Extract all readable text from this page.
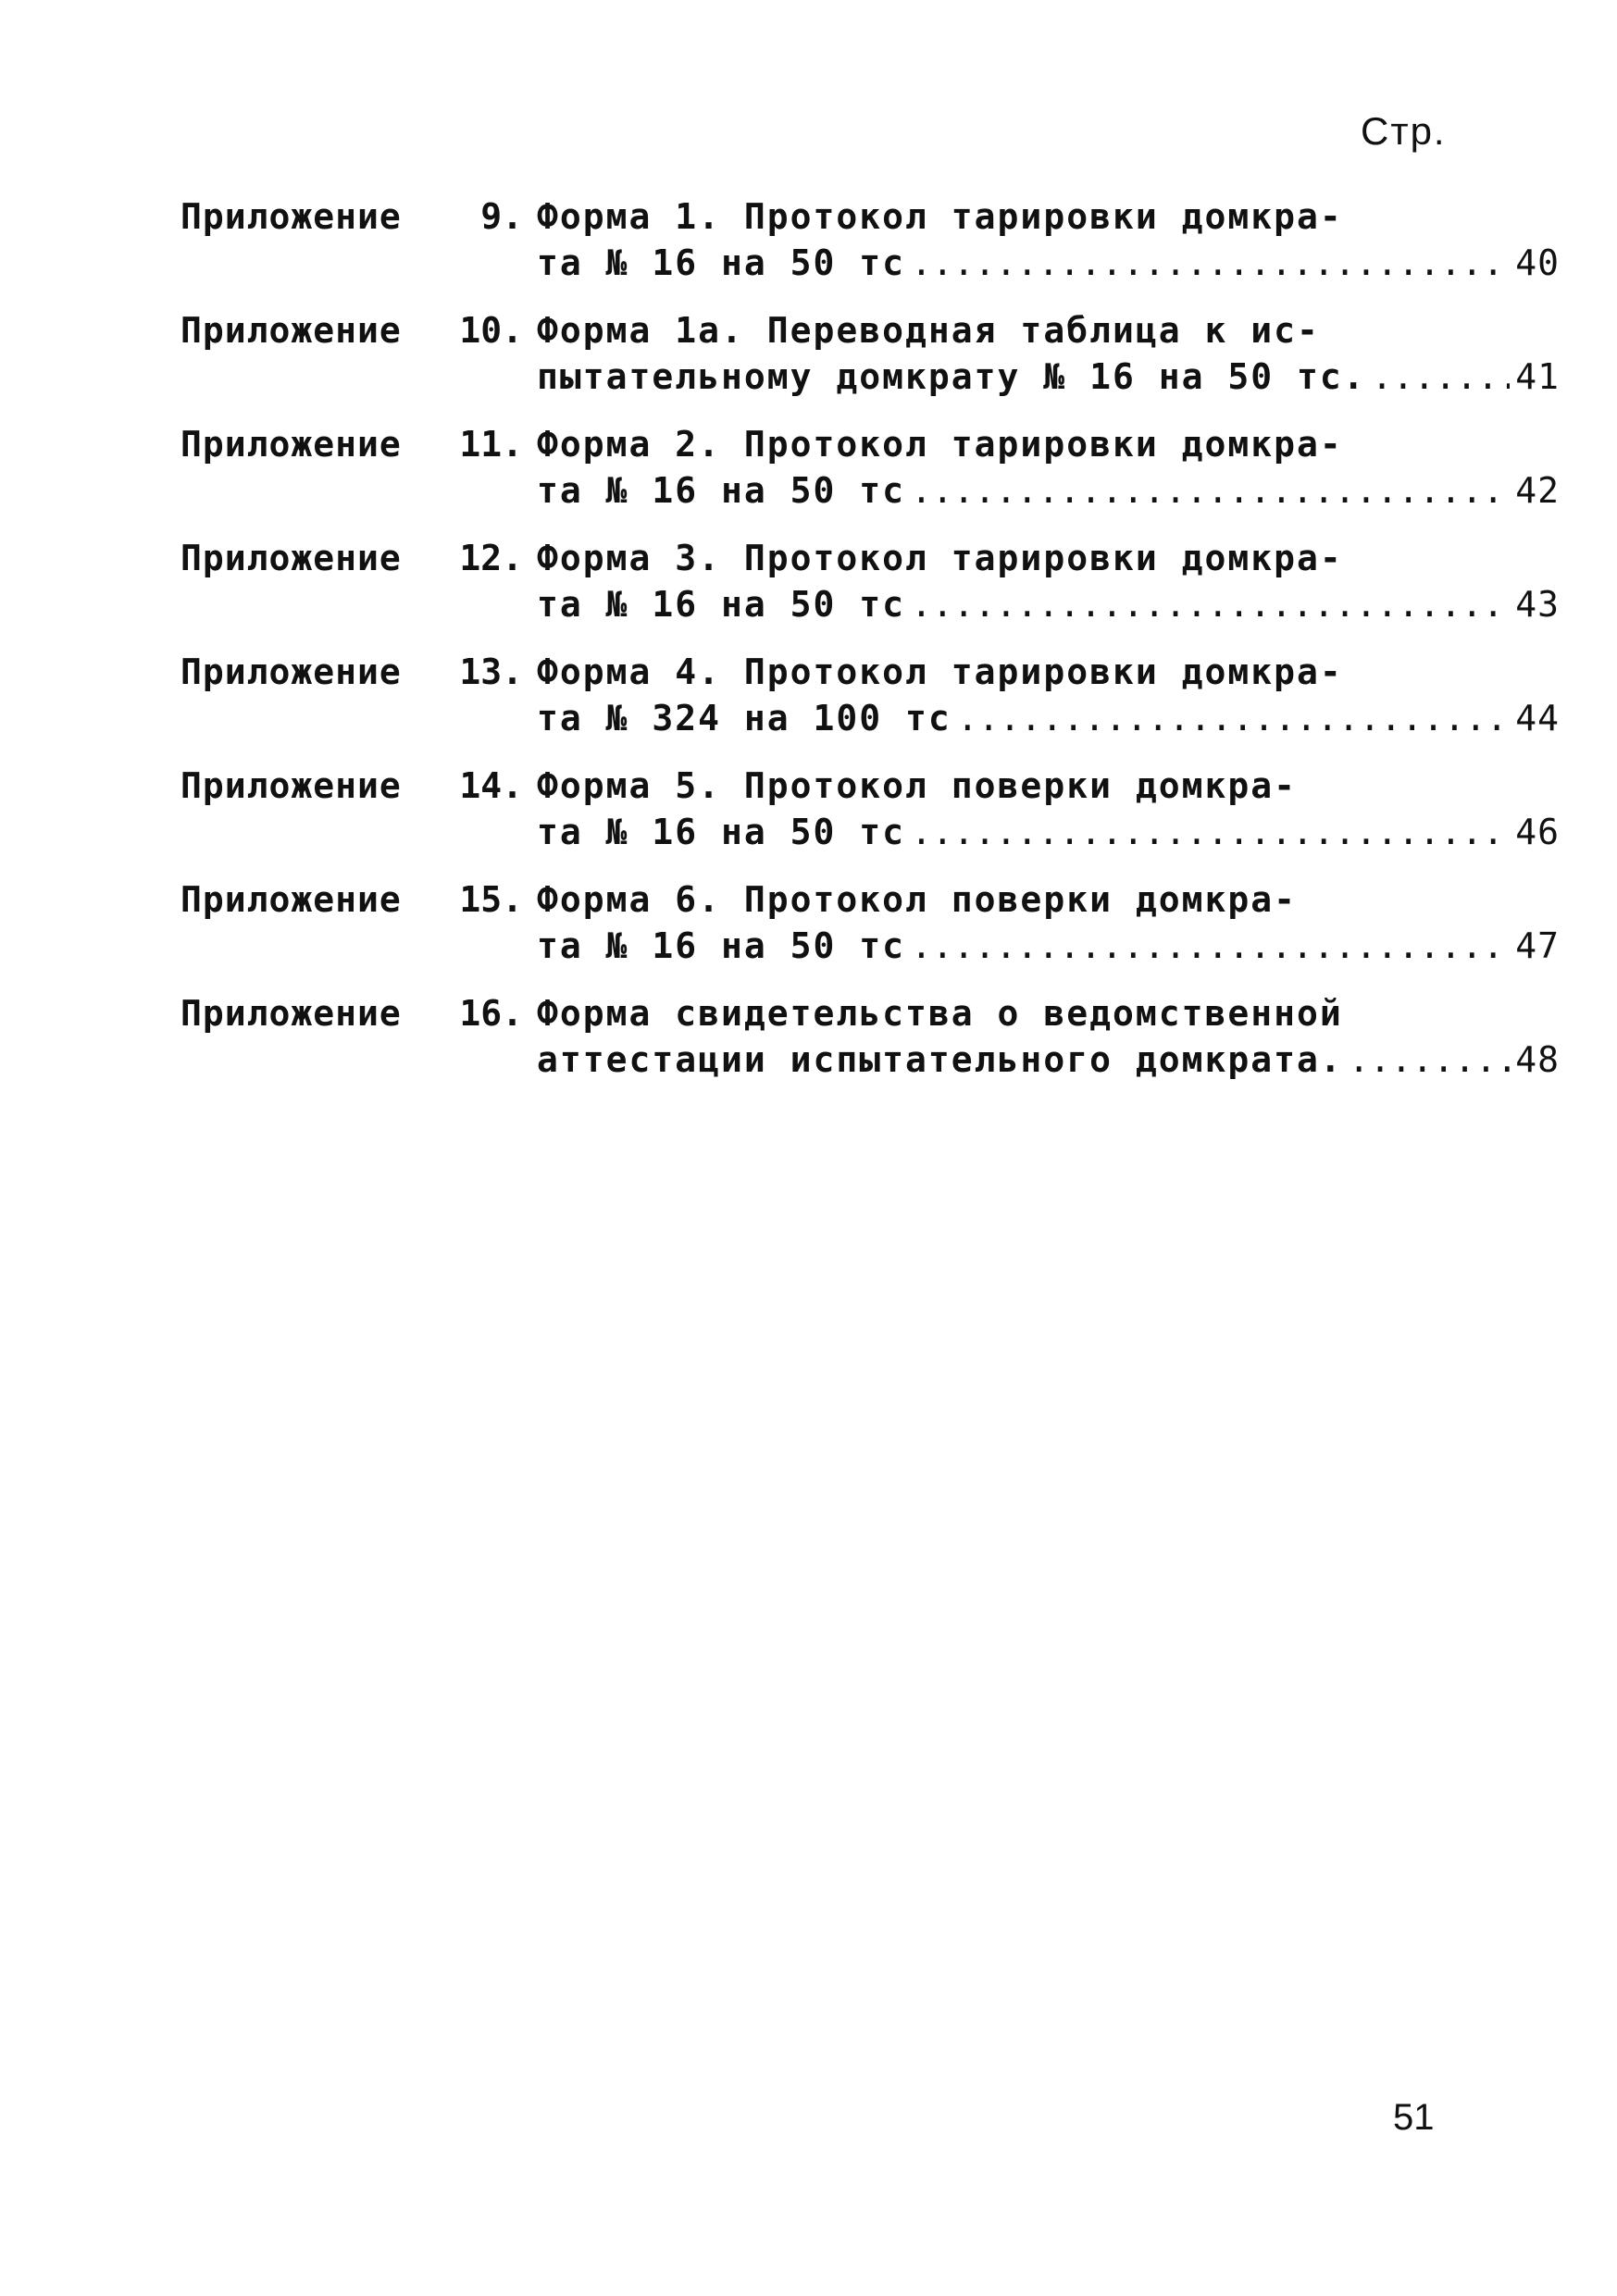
Стр.
Приложение	9. Форма 1. Протокол тарировки домкра-
та № 16 на 50 тс .....	40
Приложение	10. Форма 1а. Переводная таблица к ис-
пытательному домкрату № 16 на 50 тс. .....	41
Приложение	11. Форма 2. Протокол тарировки домкра-
та № 16 на 50 тс .....	42
Приложение	12. Форма 3. Протокол тарировки домкра-
та № 16 на 50 тс .....	43
Приложение	13. Форма 4. Протокол тарировки домкра-
та № 324 на 100 тс .....	44
Приложение	14. Форма 5. Протокол поверки домкра-
та № 16 на 50 тс .....	46
Приложение	15. Форма 6. Протокол поверки домкра-
та № 16 на 50 тс .....	47
Приложение	16. Форма свидетельства о ведомственной
аттестации испытательного домкрата. .....	48
51
